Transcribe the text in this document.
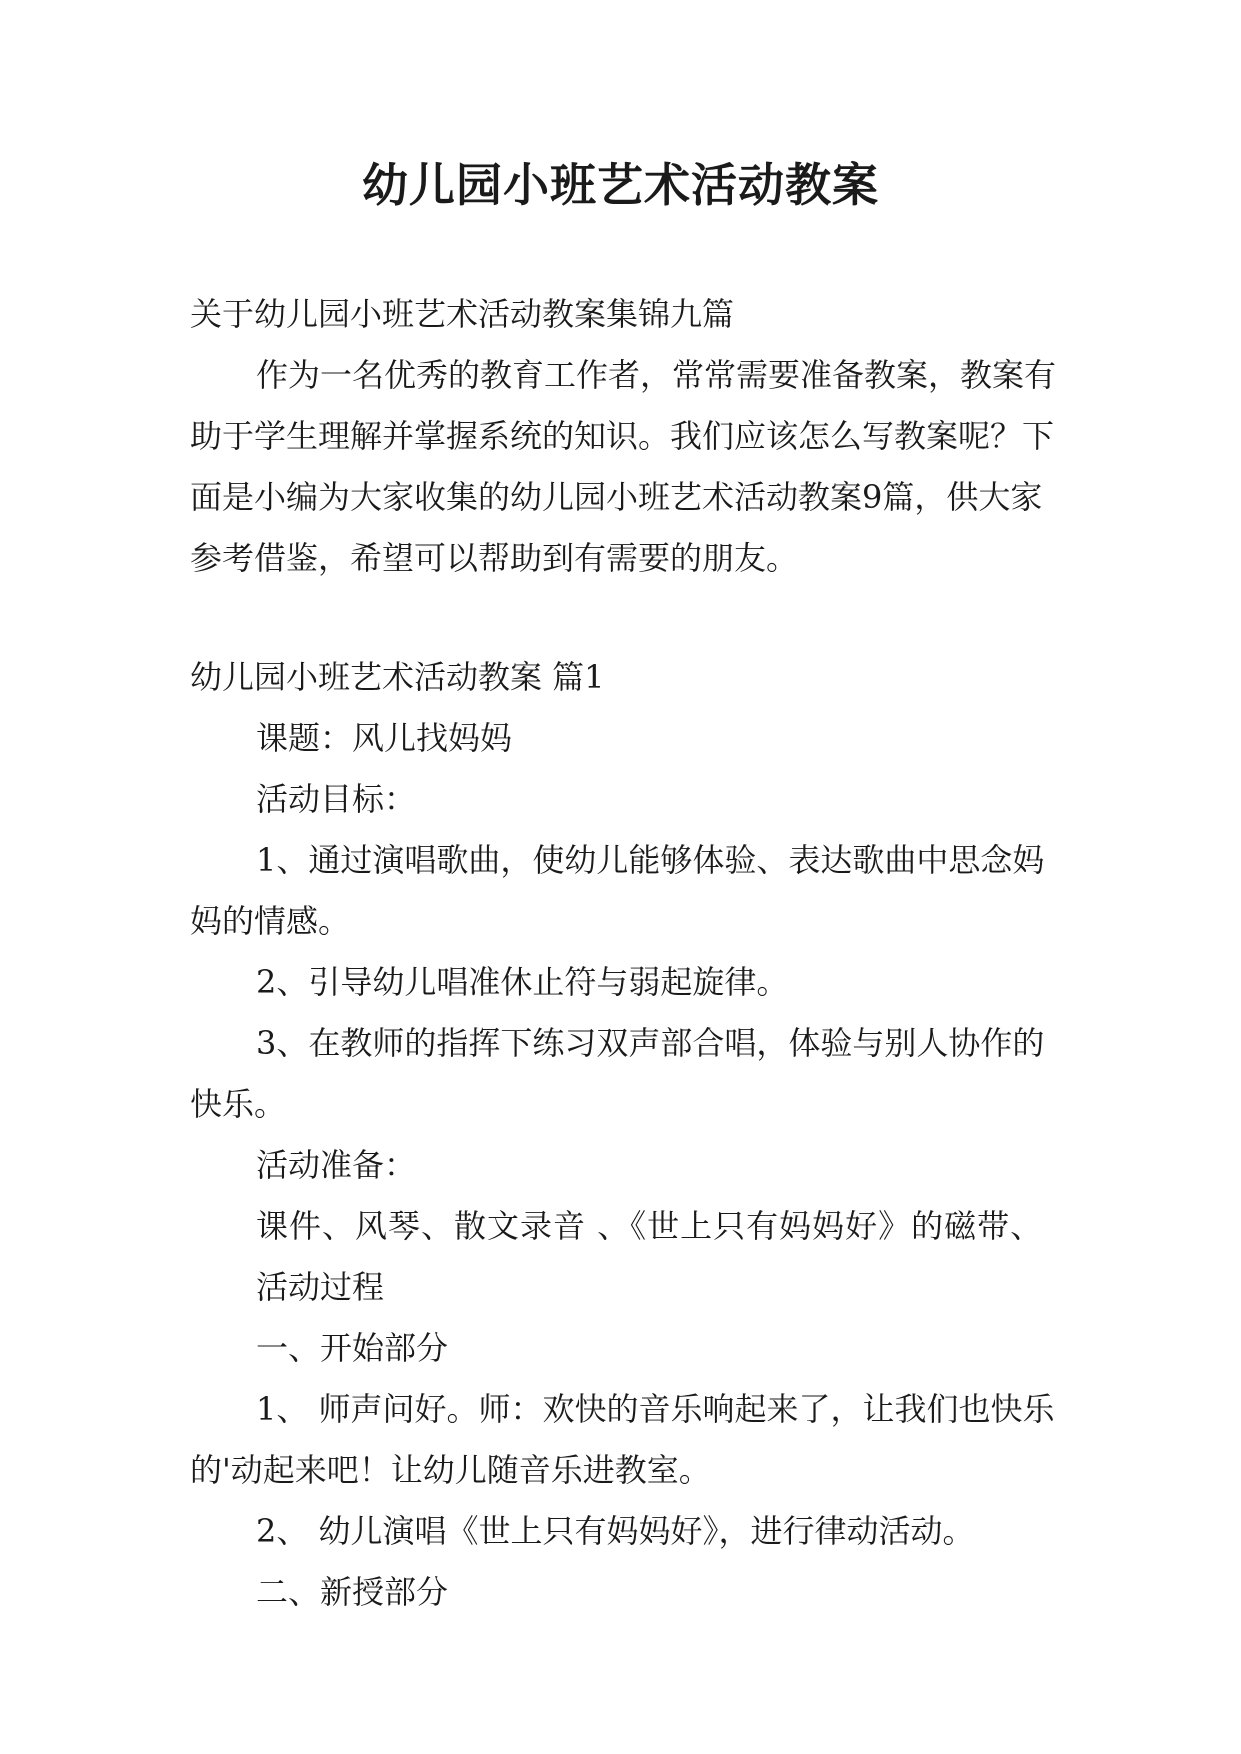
幼儿园小班艺术活动教案

关于幼儿园小班艺术活动教案集锦九篇

作为一名优秀的教育工作者，常常需要准备教案，教案有助于学生理解并掌握系统的知识。我们应该怎么写教案呢？下面是小编为大家收集的幼儿园小班艺术活动教案9篇，供大家参考借鉴，希望可以帮助到有需要的朋友。

幼儿园小班艺术活动教案 篇1

课题：风儿找妈妈

活动目标：

1、通过演唱歌曲，使幼儿能够体验、表达歌曲中思念妈妈的情感。

2、引导幼儿唱准休止符与弱起旋律。

3、在教师的指挥下练习双声部合唱，体验与别人协作的快乐。

活动准备：

课件、风琴、散文录音 、《世上只有妈妈好》的磁带、

活动过程

一、开始部分

1、 师声问好。师：欢快的音乐响起来了，让我们也快乐的'动起来吧！让幼儿随音乐进教室。

2、 幼儿演唱《世上只有妈妈好》，进行律动活动。

二、新授部分
